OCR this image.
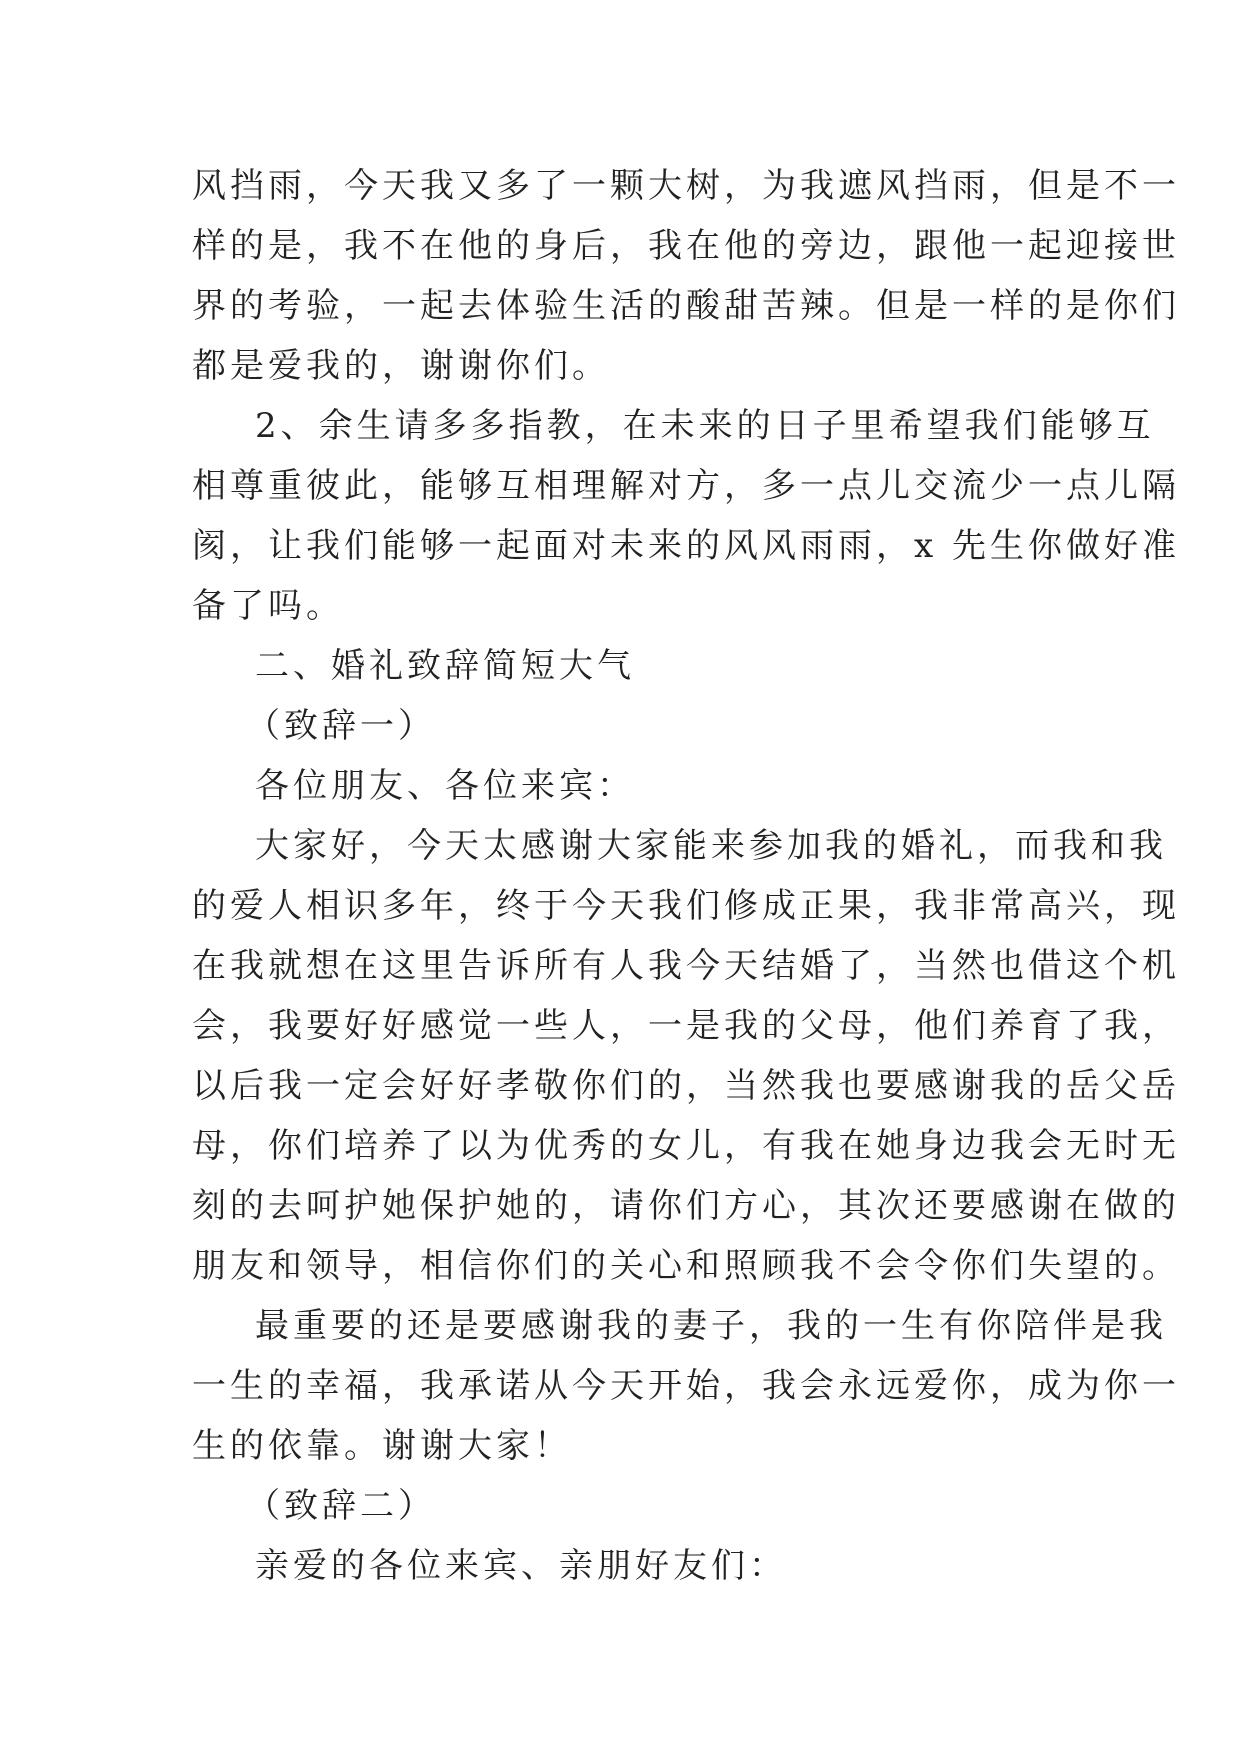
风挡雨，今天我又多了一颗大树，为我遮风挡雨，但是不一
样的是，我不在他的身后，我在他的旁边，跟他一起迎接世
界的考验，一起去体验生活的酸甜苦辣。但是一样的是你们
都是爱我的，谢谢你们。
2、余生请多多指教，在未来的日子里希望我们能够互
相尊重彼此，能够互相理解对方，多一点儿交流少一点儿隔
阂，让我们能够一起面对未来的风风雨雨，x 先生你做好准
备了吗。
二、婚礼致辞简短大气
（致辞一）
各位朋友、各位来宾：
大家好，今天太感谢大家能来参加我的婚礼，而我和我
的爱人相识多年，终于今天我们修成正果，我非常高兴，现
在我就想在这里告诉所有人我今天结婚了，当然也借这个机
会，我要好好感觉一些人，一是我的父母，他们养育了我，
以后我一定会好好孝敬你们的，当然我也要感谢我的岳父岳
母，你们培养了以为优秀的女儿，有我在她身边我会无时无
刻的去呵护她保护她的，请你们方心，其次还要感谢在做的
朋友和领导，相信你们的关心和照顾我不会令你们失望的。
最重要的还是要感谢我的妻子，我的一生有你陪伴是我
一生的幸福，我承诺从今天开始，我会永远爱你，成为你一
生的依靠。谢谢大家！
（致辞二）
亲爱的各位来宾、亲朋好友们：
